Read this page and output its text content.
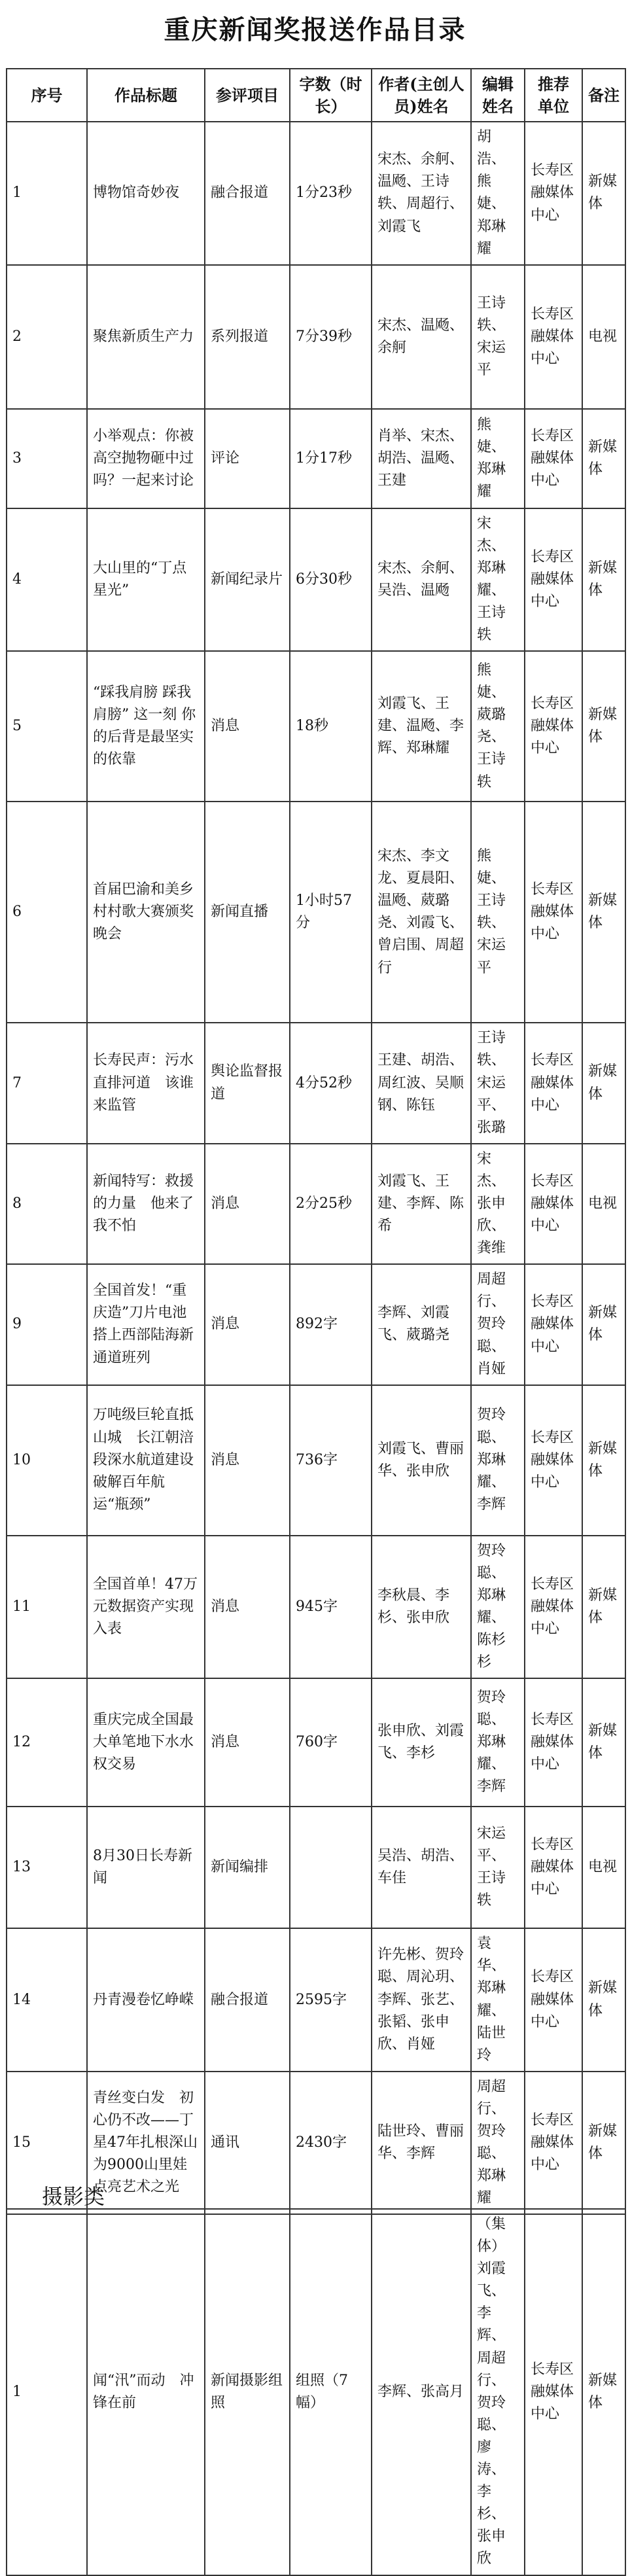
重庆新闻奖报送作品目录
序号	作品标题	参评项目	字数（时长）	作者(主创人员)姓名	编辑姓名	推荐单位	备注
1	博物馆奇妙夜	融合报道	1分23秒	宋杰、余舸、温飏、王诗轶、周超行、刘霞飞	胡浩、熊婕、郑琳耀	长寿区融媒体中心	新媒体
2	聚焦新质生产力	系列报道	7分39秒	宋杰、温飏、余舸	王诗轶、宋运平	长寿区融媒体中心	电视
3	小举观点：你被高空抛物砸中过吗？一起来讨论	评论	1分17秒	肖举、宋杰、胡浩、温飏、王建	熊婕、郑琳耀	长寿区融媒体中心	新媒体
4	大山里的“丁点星光”	新闻纪录片	6分30秒	宋杰、余舸、吴浩、温飏	宋杰、郑琳耀、王诗轶	长寿区融媒体中心	新媒体
5	“踩我肩膀 踩我肩膀” 这一刻 你的后背是最坚实的依靠	消息	18秒	刘霞飞、王建、温飏、李辉、郑琳耀	熊婕、葳璐尧、王诗轶	长寿区融媒体中心	新媒体
6	首届巴渝和美乡村村歌大赛颁奖晚会	新闻直播	1小时57分	宋杰、李文龙、夏晨阳、温飏、葳璐尧、刘霞飞、曾启围、周超行	熊婕、王诗轶、宋运平	长寿区融媒体中心	新媒体
7	长寿民声：污水直排河道　该谁来监管	舆论监督报道	4分52秒	王建、胡浩、周红波、吴顺钢、陈钰	王诗轶、宋运平、张璐	长寿区融媒体中心	新媒体
8	新闻特写：救援的力量　他来了我不怕	消息	2分25秒	刘霞飞、王建、李辉、陈希	宋杰、张申欣、龚维	长寿区融媒体中心	电视
9	全国首发！“重庆造”刀片电池搭上西部陆海新通道班列	消息	892字	李辉、刘霞飞、葳璐尧	周超行、贺玲聪、肖娅	长寿区融媒体中心	新媒体
10	万吨级巨轮直抵山城　长江朝涪段深水航道建设破解百年航运“瓶颈”	消息	736字	刘霞飞、曹丽华、张申欣	贺玲聪、郑琳耀、李辉	长寿区融媒体中心	新媒体
11	全国首单！47万元数据资产实现入表	消息	945字	李秋晨、李杉、张申欣	贺玲聪、郑琳耀、陈杉杉	长寿区融媒体中心	新媒体
12	重庆完成全国最大单笔地下水水权交易	消息	760字	张申欣、刘霞飞、李杉	贺玲聪、郑琳耀、李辉	长寿区融媒体中心	新媒体
13	8月30日长寿新闻	新闻编排		吴浩、胡浩、车佳	宋运平、王诗轶	长寿区融媒体中心	电视
14	丹青漫卷忆峥嵘	融合报道	2595字	许先彬、贺玲聪、周沁玥、李辉、张艺、张韬、张申欣、肖娅	袁华、郑琳耀、陆世玲	长寿区融媒体中心	新媒体
15	青丝变白发　初心仍不改——丁星47年扎根深山为9000山里娃点亮艺术之光	通讯	2430字	陆世玲、曹丽华、李辉	周超行、贺玲聪、郑琳耀	长寿区融媒体中心	新媒体
摄影类
1	闻“汛”而动　冲锋在前	新闻摄影组照	组照（7幅）	李辉、张高月	（集体）刘霞飞、李辉、周超行、贺玲聪、廖涛、李杉、张申欣	长寿区融媒体中心	新媒体
